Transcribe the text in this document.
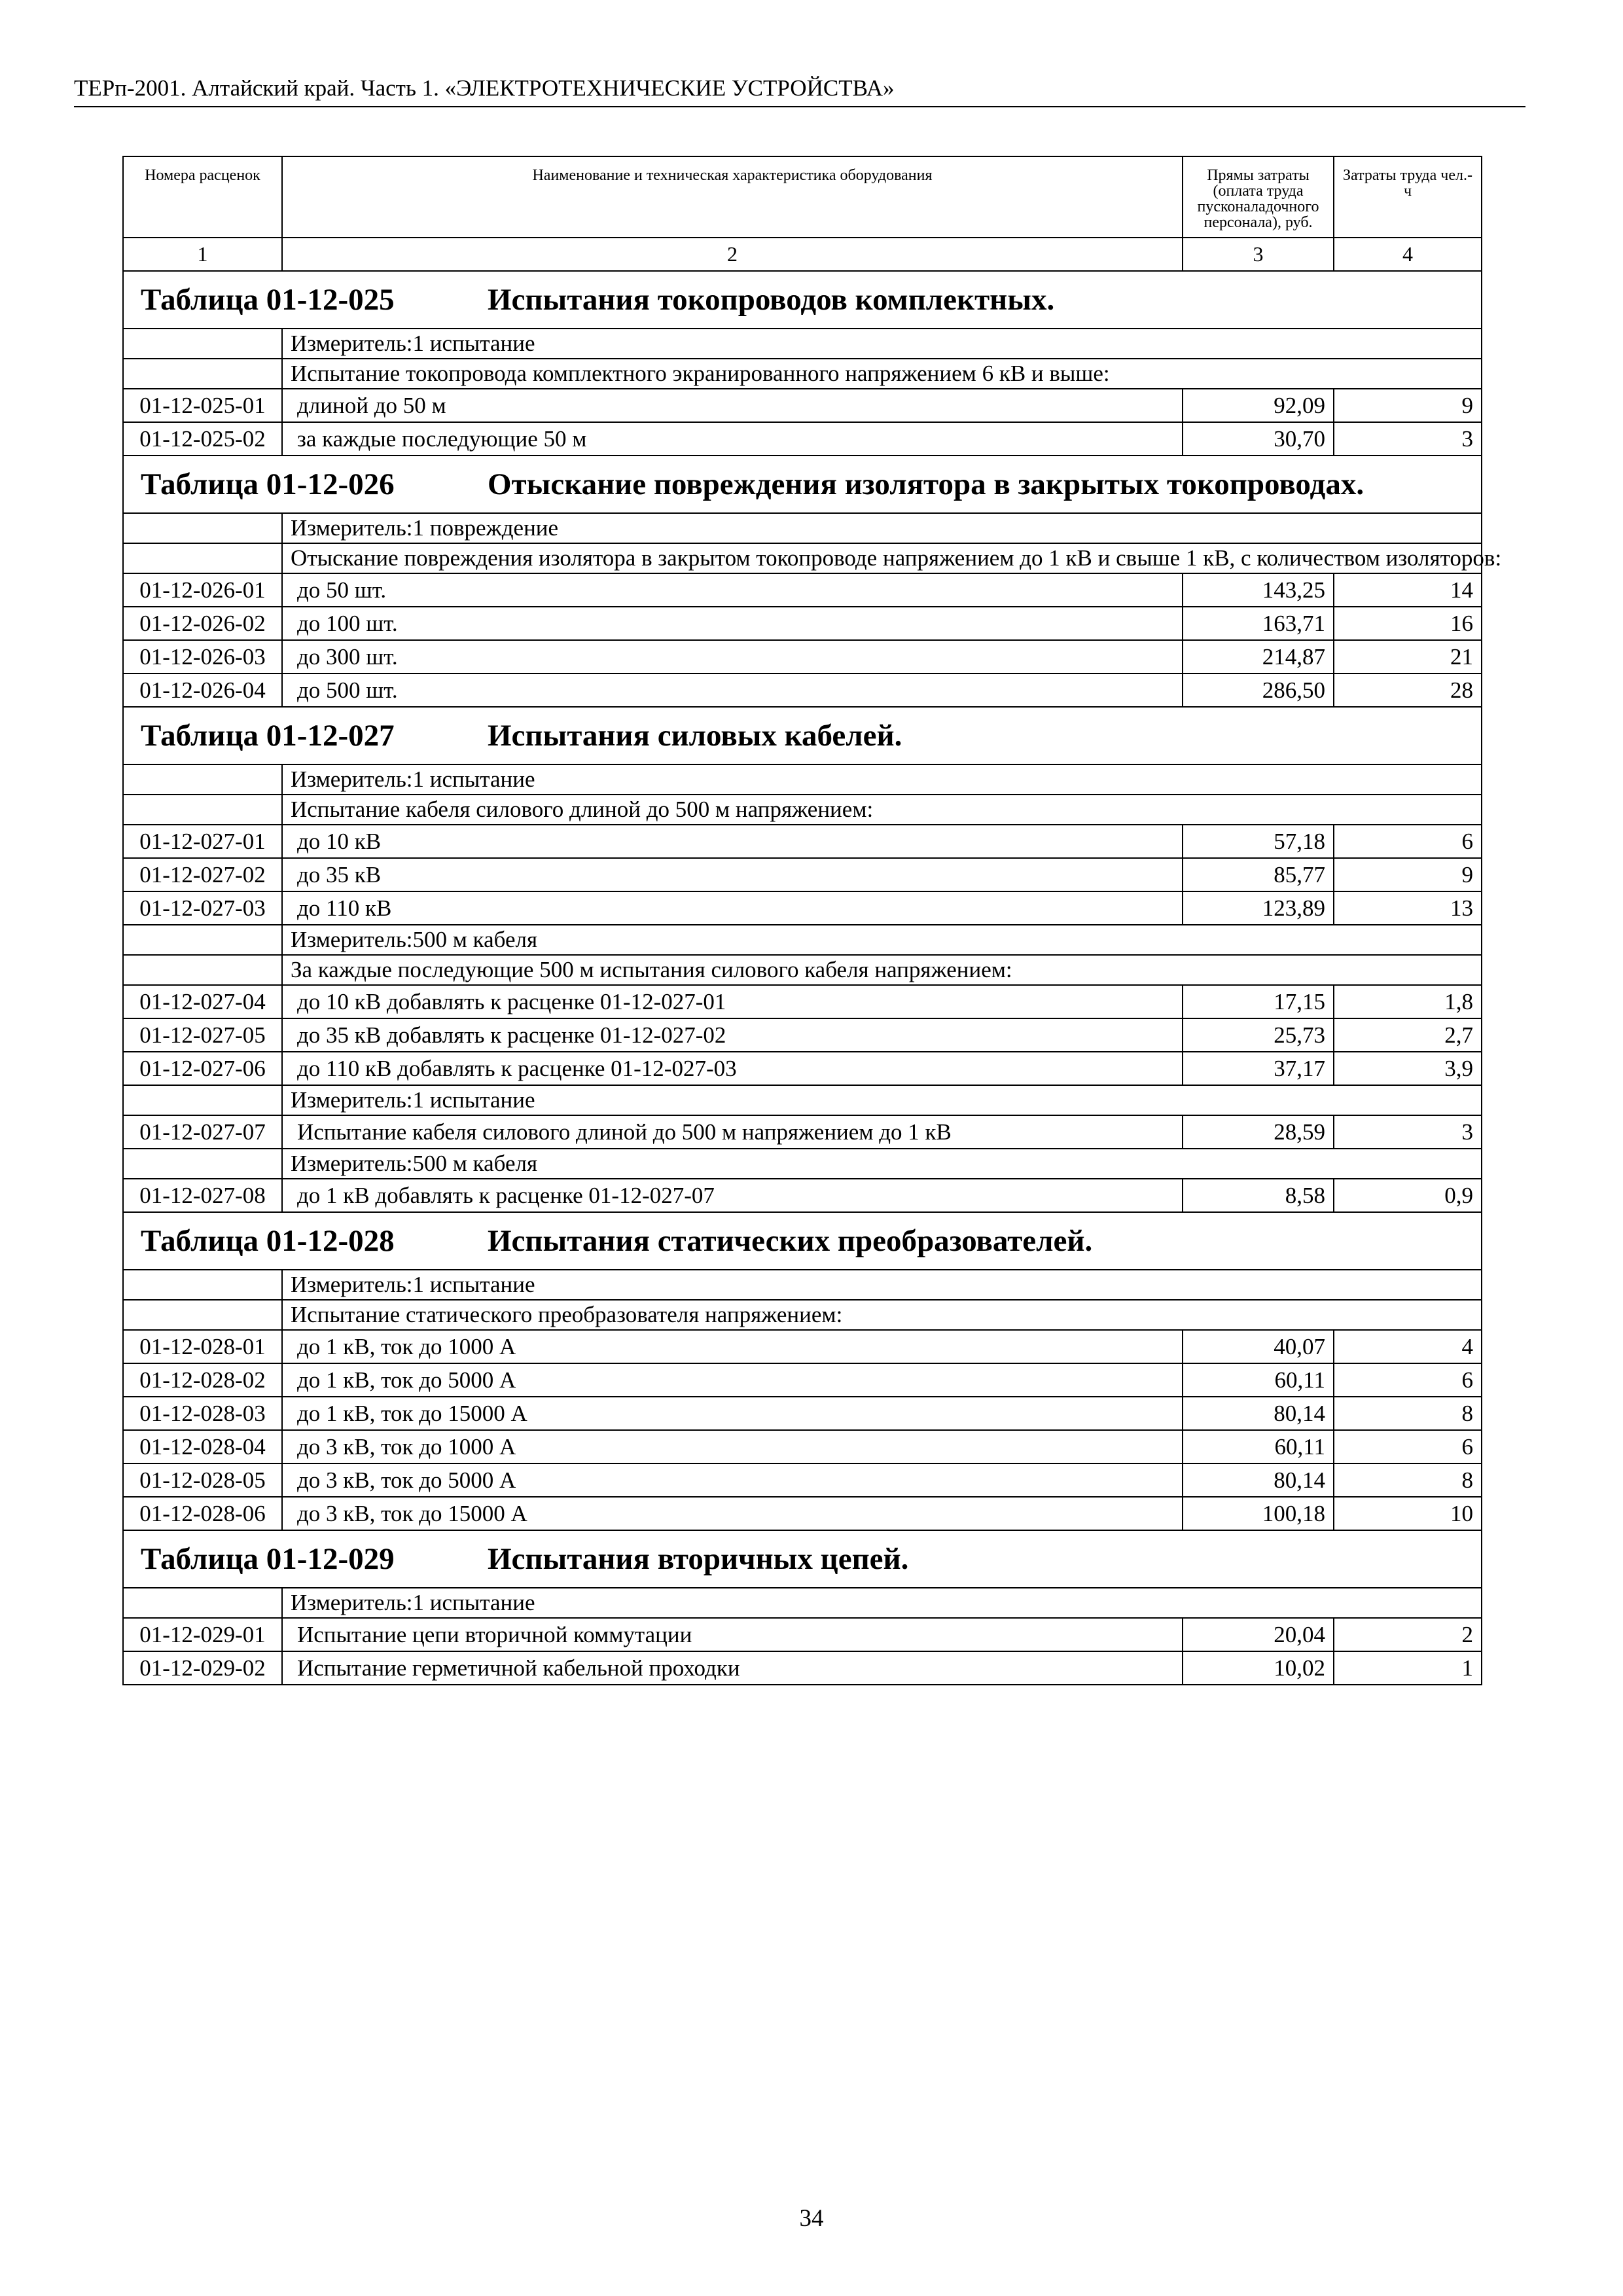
ТЕРп-2001. Алтайский край. Часть 1. «ЭЛЕКТРОТЕХНИЧЕСКИЕ УСТРОЙСТВА»
Номера расценок	Наименование и техническая характеристика оборудования	Прямы затраты (оплата труда пусконаладочного персонала), руб.	Затраты труда чел.-ч
1	2	3	4
Таблица 01-12-025 Испытания токопроводов комплектных.			
	Измеритель:1 испытание		
	Испытание токопровода комплектного экранированного напряжением 6 кВ и выше:		
01-12-025-01	длиной до 50 м	92,09	9
01-12-025-02	за каждые последующие 50 м	30,70	3
Таблица 01-12-026 Отыскание повреждения изолятора в закрытых токопроводах.			
	Измеритель:1 повреждение		
	Отыскание повреждения изолятора в закрытом токопроводе напряжением до 1 кВ и свыше 1 кВ, с количеством изоляторов:		
01-12-026-01	до 50 шт.	143,25	14
01-12-026-02	до 100 шт.	163,71	16
01-12-026-03	до 300 шт.	214,87	21
01-12-026-04	до 500 шт.	286,50	28
Таблица 01-12-027 Испытания силовых кабелей.			
	Измеритель:1 испытание		
	Испытание кабеля силового длиной до 500 м напряжением:		
01-12-027-01	до 10 кВ	57,18	6
01-12-027-02	до 35 кВ	85,77	9
01-12-027-03	до 110 кВ	123,89	13
	Измеритель:500 м кабеля		
	За каждые последующие 500 м испытания силового кабеля напряжением:		
01-12-027-04	до 10 кВ добавлять к расценке 01-12-027-01	17,15	1,8
01-12-027-05	до 35 кВ добавлять к расценке 01-12-027-02	25,73	2,7
01-12-027-06	до 110 кВ добавлять к расценке 01-12-027-03	37,17	3,9
	Измеритель:1 испытание		
01-12-027-07	Испытание кабеля силового длиной до 500 м напряжением до 1 кВ	28,59	3
	Измеритель:500 м кабеля		
01-12-027-08	до 1 кВ добавлять к расценке 01-12-027-07	8,58	0,9
Таблица 01-12-028 Испытания статических преобразователей.			
	Измеритель:1 испытание		
	Испытание статического преобразователя напряжением:		
01-12-028-01	до 1 кВ, ток до 1000 А	40,07	4
01-12-028-02	до 1 кВ, ток до 5000 А	60,11	6
01-12-028-03	до 1 кВ, ток до 15000 А	80,14	8
01-12-028-04	до 3 кВ, ток до 1000 А	60,11	6
01-12-028-05	до 3 кВ, ток до 5000 А	80,14	8
01-12-028-06	до 3 кВ, ток до 15000 А	100,18	10
Таблица 01-12-029 Испытания вторичных цепей.			
	Измеритель:1 испытание		
01-12-029-01	Испытание цепи вторичной коммутации	20,04	2
01-12-029-02	Испытание герметичной кабельной проходки	10,02	1
34
